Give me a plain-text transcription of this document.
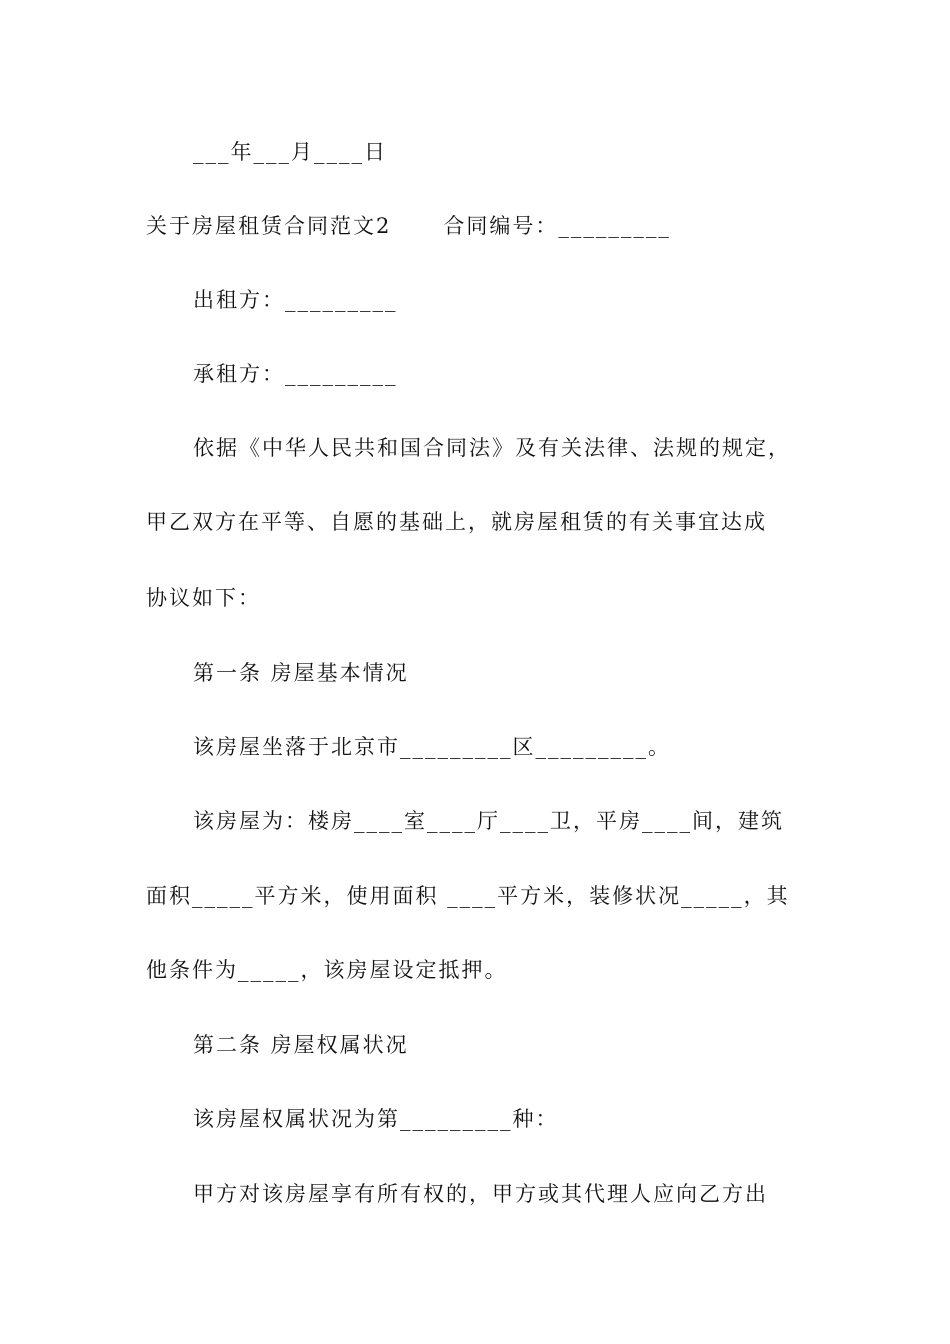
___年___月____日
关于房屋租赁合同范文2      合同编号：_________
出租方：_________
承租方：_________
依据《中华人民共和国合同法》及有关法律、法规的规定，
甲乙双方在平等、自愿的基础上，就房屋租赁的有关事宜达成
协议如下：
第一条 房屋基本情况
该房屋坐落于北京市_________区_________。
该房屋为：楼房____室____厅____卫，平房____间，建筑
面积_____平方米，使用面积 ____平方米，装修状况_____，其
他条件为_____，该房屋设定抵押。
第二条 房屋权属状况
该房屋权属状况为第_________种：
甲方对该房屋享有所有权的，甲方或其代理人应向乙方出
